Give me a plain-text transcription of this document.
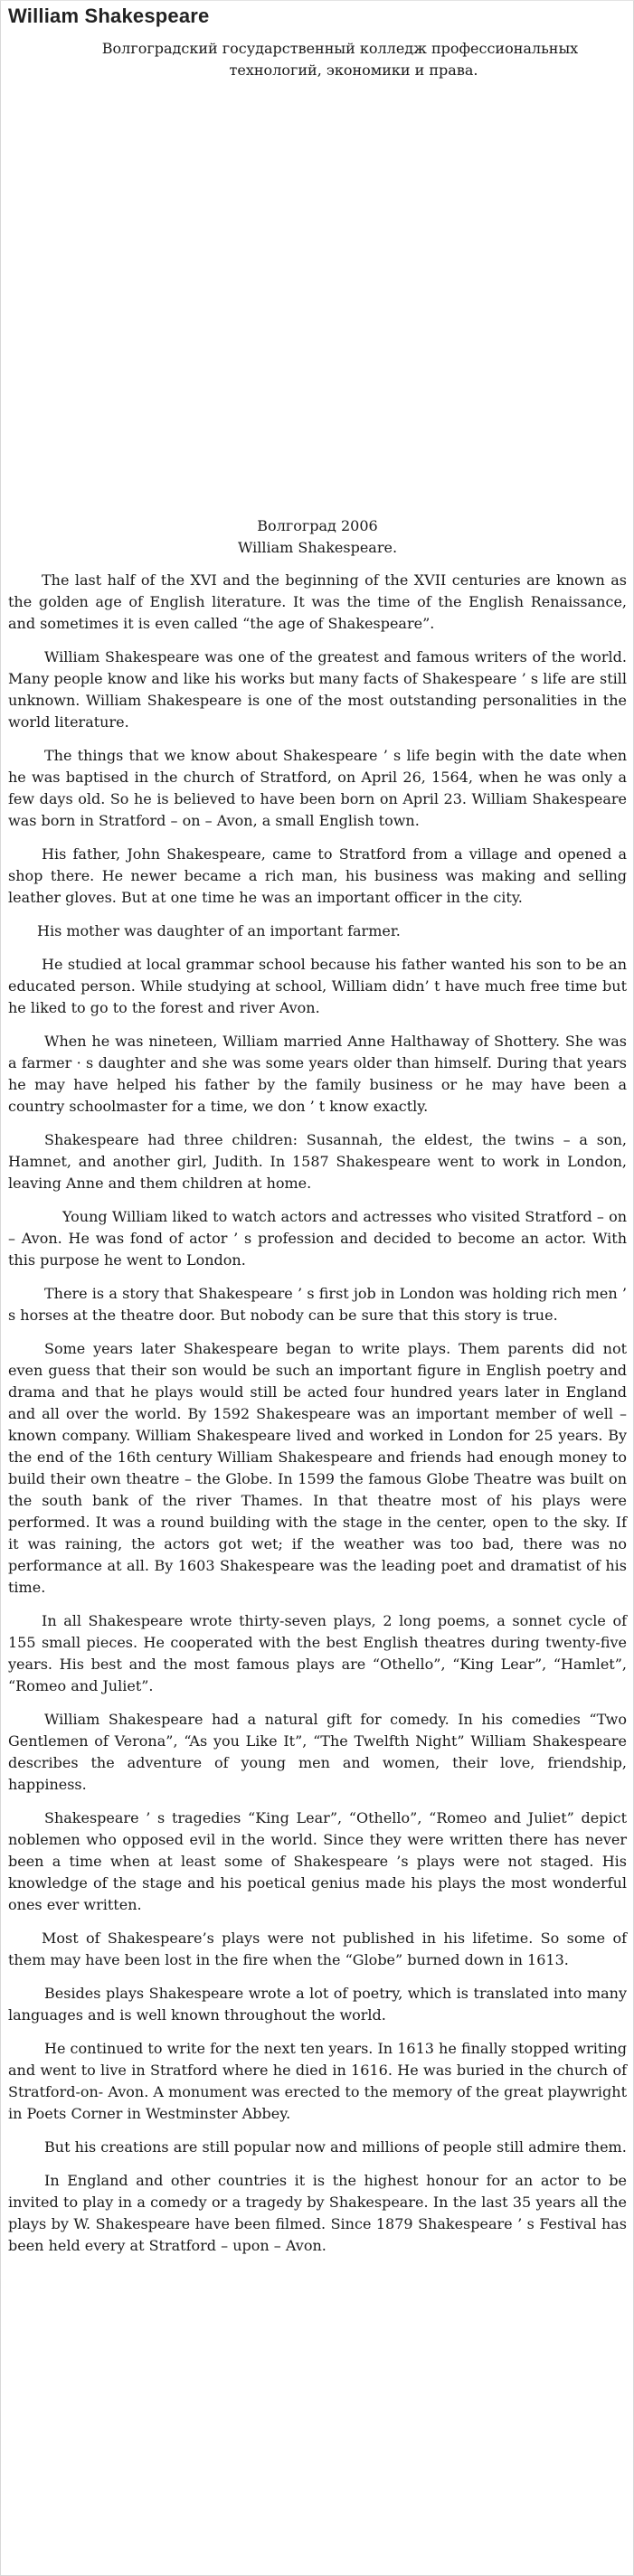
William Shakespeare

Волгоградский государственный колледж профессиональных
технологий, экономики и права.

Волгоград 2006

William Shakespeare.

The last half of the XVI and the beginning of the XVII centuries are known as the golden age of English literature. It was the time of the English Renaissance, and sometimes it is even called “the age of Shakespeare”.

William Shakespeare was one of the greatest and famous writers of the world. Many people know and like his works but many facts of Shakespeare ’ s life are still unknown. William Shakespeare is one of the most outstanding personalities in the world literature.

The things that we know about Shakespeare ’ s life begin with the date when he was baptised in the church of Stratford, on April 26, 1564, when he was only a few days old. So he is believed to have been born on April 23. William Shakespeare was born in Stratford – on – Avon, a small English town.

His father, John Shakespeare, came to Stratford from a village and opened a shop there. He newer became a rich man, his business was making and selling leather gloves. But at one time he was an important officer in the city.

His mother was daughter of an important farmer.

He studied at local grammar school because his father wanted his son to be an educated person. While studying at school, William didn’ t have much free time but he liked to go to the forest and river Avon.

When he was nineteen, William married Anne Halthaway of Shottery. She was a farmer · s daughter and she was some years older than himself. During that years he may have helped his father by the family business or he may have been a country schoolmaster for a time, we don ’ t know exactly.

Shakespeare had three children: Susannah, the eldest, the twins – a son, Hamnet, and another girl, Judith. In 1587 Shakespeare went to work in London, leaving Anne and them children at home.

Young William liked to watch actors and actresses who visited Stratford – on – Avon. He was fond of actor ’ s profession and decided to become an actor. With this purpose he went to London.

There is a story that Shakespeare ’ s first job in London was holding rich men ’ s horses at the theatre door. But nobody can be sure that this story is true.

Some years later Shakespeare began to write plays. Them parents did not even guess that their son would be such an important figure in English poetry and drama and that he plays would still be acted four hundred years later in England and all over the world. By 1592 Shakespeare was an important member of well – known company. William Shakespeare lived and worked in London for 25 years. By the end of the 16th century William Shakespeare and friends had enough money to build their own theatre – the Globe. In 1599 the famous Globe Theatre was built on the south bank of the river Thames. In that theatre most of his plays were performed. It was a round building with the stage in the center, open to the sky. If it was raining, the actors got wet; if the weather was too bad, there was no performance at all. By 1603 Shakespeare was the leading poet and dramatist of his time.

In all Shakespeare wrote thirty-seven plays, 2 long poems, a sonnet cycle of 155 small pieces. He cooperated with the best English theatres during twenty-five years. His best and the most famous plays are “Othello”, “King Lear”, “Hamlet”, “Romeo and Juliet”.

William Shakespeare had a natural gift for comedy. In his comedies “Two Gentlemen of Verona”, “As you Like It”, “The Twelfth Night” William Shakespeare describes the adventure of young men and women, their love, friendship, happiness.

Shakespeare ’ s tragedies “King Lear”, “Othello”, “Romeo and Juliet” depict noblemen who opposed evil in the world. Since they were written there has never been a time when at least some of Shakespeare ’s plays were not staged. His knowledge of the stage and his poetical genius made his plays the most wonderful ones ever written.

Most of Shakespeare’s plays were not published in his lifetime. So some of them may have been lost in the fire when the “Globe” burned down in 1613.

Besides plays Shakespeare wrote a lot of poetry, which is translated into many languages and is well known throughout the world.

He continued to write for the next ten years. In 1613 he finally stopped writing and went to live in Stratford where he died in 1616. He was buried in the church of Stratford-on- Avon. A monument was erected to the memory of the great playwright in Poets Corner in Westminster Abbey.

But his creations are still popular now and millions of people still admire them.

In England and other countries it is the highest honour for an actor to be invited to play in a comedy or a tragedy by Shakespeare. In the last 35 years all the plays by W. Shakespeare have been filmed. Since 1879 Shakespeare ’ s Festival has been held every at Stratford – upon – Avon.
